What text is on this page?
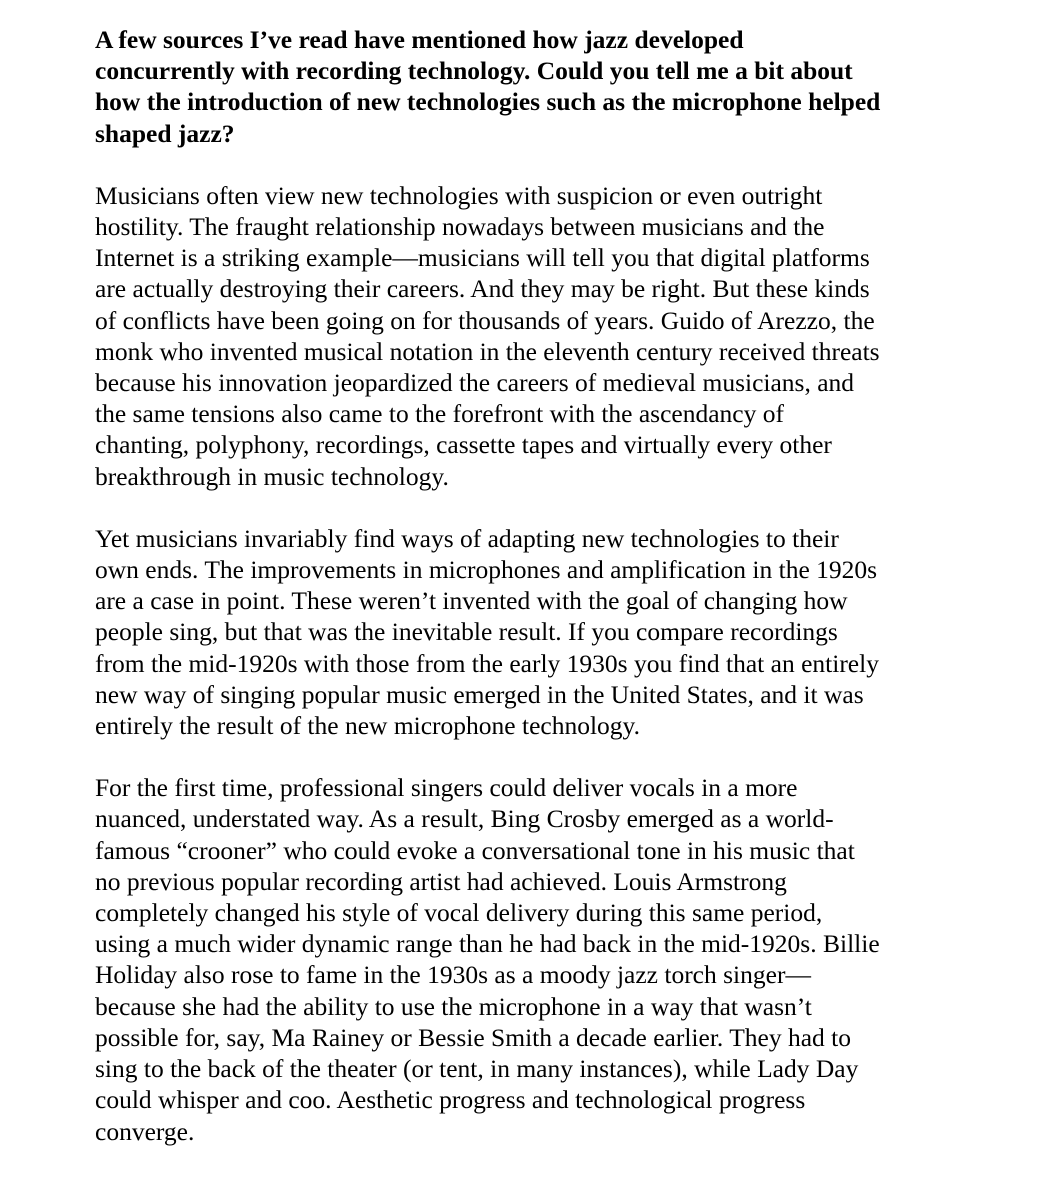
A few sources I’ve read have mentioned how jazz developed
concurrently with recording technology. Could you tell me a bit about
how the introduction of new technologies such as the microphone helped
shaped jazz?

Musicians often view new technologies with suspicion or even outright
hostility. The fraught relationship nowadays between musicians and the
Internet is a striking example—musicians will tell you that digital platforms
are actually destroying their careers. And they may be right. But these kinds
of conflicts have been going on for thousands of years. Guido of Arezzo, the
monk who invented musical notation in the eleventh century received threats
because his innovation jeopardized the careers of medieval musicians, and
the same tensions also came to the forefront with the ascendancy of
chanting, polyphony, recordings, cassette tapes and virtually every other
breakthrough in music technology.

Yet musicians invariably find ways of adapting new technologies to their
own ends. The improvements in microphones and amplification in the 1920s
are a case in point. These weren’t invented with the goal of changing how
people sing, but that was the inevitable result. If you compare recordings
from the mid-1920s with those from the early 1930s you find that an entirely
new way of singing popular music emerged in the United States, and it was
entirely the result of the new microphone technology.

For the first time, professional singers could deliver vocals in a more
nuanced, understated way. As a result, Bing Crosby emerged as a world-
famous “crooner” who could evoke a conversational tone in his music that
no previous popular recording artist had achieved. Louis Armstrong
completely changed his style of vocal delivery during this same period,
using a much wider dynamic range than he had back in the mid-1920s. Billie
Holiday also rose to fame in the 1930s as a moody jazz torch singer—
because she had the ability to use the microphone in a way that wasn’t
possible for, say, Ma Rainey or Bessie Smith a decade earlier. They had to
sing to the back of the theater (or tent, in many instances), while Lady Day
could whisper and coo. Aesthetic progress and technological progress
converge.
